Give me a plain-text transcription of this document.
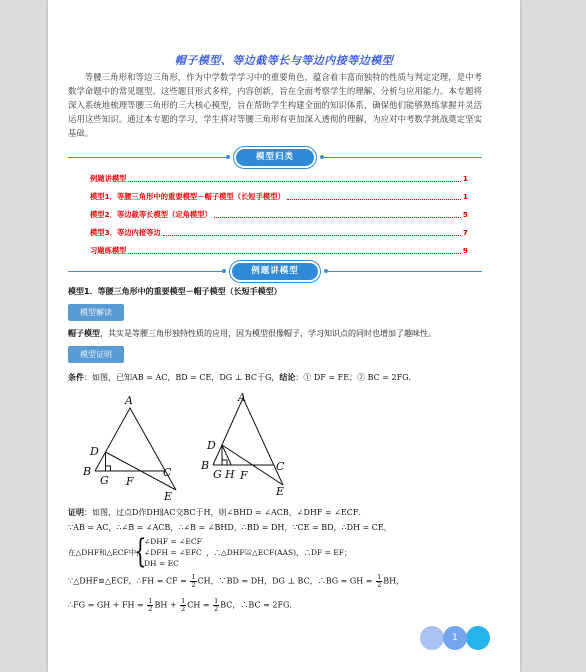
帽子模型、等边截等长与等边内接等边模型
等腰三角形和等边三角形，作为中学数学学习中的重要角色，蕴含着丰富而独特的性质与判定定理，是中考数学命题中的常见题型。这些题目形式多样，内容创新，旨在全面考察学生的理解、分析与应用能力。本专题将深入系统地梳理等腰三角形的三大核心模型，旨在帮助学生构建全面的知识体系，确保他们能够熟练掌握并灵活运用这些知识。通过本专题的学习，学生将对等腰三角形有更加深入透彻的理解，为应对中考数学挑战奠定坚实基础。
模型归类
例题讲模型	1
模型1．等腰三角形中的重要模型－帽子模型（长短手模型）	1
模型2．等边截等长模型（定角模型）	5
模型3．等边内接等边	7
习题练模型	9
例题讲模型
模型1．等腰三角形中的重要模型－帽子模型（长短手模型）
模型解读
帽子模型，其实是等腰三角形独特性质的应用，因为模型很像帽子，学习知识点的同时也增加了趣味性。
模型证明
条件：如图，已知AB = AC，BD = CE，DG ⊥ BC于G，结论：① DF = FE；② BC = 2FG．
A
D
B
G F
C
E
A
D
B
G H F
C
E
证明：如图，过点D作DH∥AC交BC于H，则∠BHD = ∠ACB，∠DHF = ∠ECF．
∵AB = AC，∴∠B = ∠ACB，∴∠B = ∠BHD，∴BD = DH，∵CE = BD，∴DH = CE，
在△DHF和△ECF中，
{
∠DHF = ∠ECF
∠DFH = ∠EFC
DH = EC
，∴△DHF≌△ECF(AAS)，∴DF = EF；
∵△DHF≌△ECF，∴FH = CF = $\frac{1}{2}$ CH，∵BD = DH，DG ⊥ BC，∴BG = GH = $\frac{1}{2}$ BH，
∴FG = GH + FH = $\frac{1}{2}$ BH + $\frac{1}{2}$ CH = $\frac{1}{2}$ BC，∴BC = 2FG．
1
